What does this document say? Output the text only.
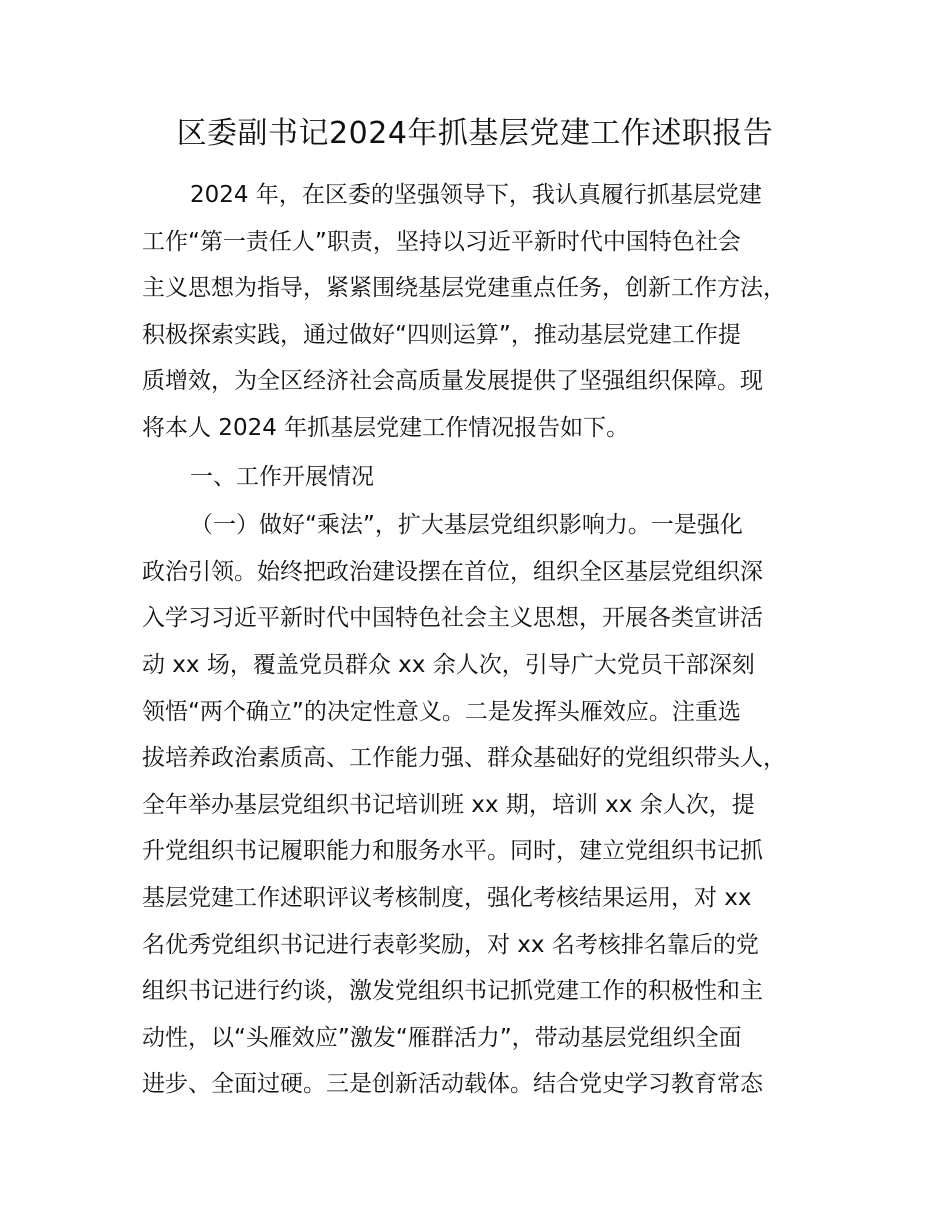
区委副书记2024年抓基层党建工作述职报告
2024 年，在区委的坚强领导下，我认真履行抓基层党建
工作“第一责任人”职责，坚持以习近平新时代中国特色社会
主义思想为指导，紧紧围绕基层党建重点任务，创新工作方法，
积极探索实践，通过做好“四则运算”，推动基层党建工作提
质增效，为全区经济社会高质量发展提供了坚强组织保障。现
将本人 2024 年抓基层党建工作情况报告如下。
一、工作开展情况
（一）做好“乘法”，扩大基层党组织影响力。一是强化
政治引领。始终把政治建设摆在首位，组织全区基层党组织深
入学习习近平新时代中国特色社会主义思想，开展各类宣讲活
动 xx 场，覆盖党员群众 xx 余人次，引导广大党员干部深刻
领悟“两个确立”的决定性意义。二是发挥头雁效应。注重选
拔培养政治素质高、工作能力强、群众基础好的党组织带头人，
全年举办基层党组织书记培训班 xx 期，培训 xx 余人次，提
升党组织书记履职能力和服务水平。同时，建立党组织书记抓
基层党建工作述职评议考核制度，强化考核结果运用，对 xx
名优秀党组织书记进行表彰奖励，对 xx 名考核排名靠后的党
组织书记进行约谈，激发党组织书记抓党建工作的积极性和主
动性，以“头雁效应”激发“雁群活力”，带动基层党组织全面
进步、全面过硬。三是创新活动载体。结合党史学习教育常态
